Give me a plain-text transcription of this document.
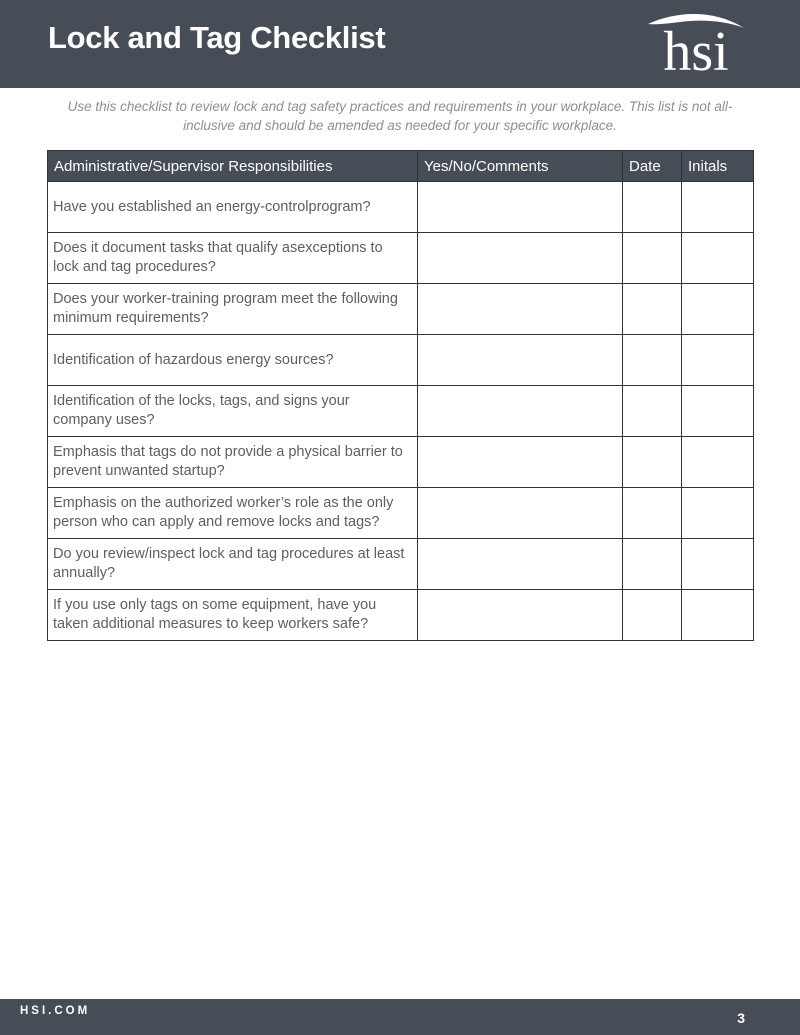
Lock and Tag Checklist	hsi
Use this checklist to review lock and tag safety practices and requirements in your workplace. This list is not all-inclusive and should be amended as needed for your specific workplace.
Administrative/Supervisor Responsibilities	Yes/No/Comments	Date	Initals
Have you established an energy-controlprogram?			
Does it document tasks that qualify asexceptions to lock and tag procedures?			
Does your worker-training program meet the following minimum requirements?			
Identification of hazardous energy sources?			
Identification of the locks, tags, and signs your company uses?			
Emphasis that tags do not provide a physical barrier to prevent unwanted startup?			
Emphasis on the authorized worker’s role as the only person who can apply and remove locks and tags?			
Do you review/inspect lock and tag procedures at least annually?			
If you use only tags on some equipment, have you taken additional measures to keep workers safe?			
HSI.COM	3
